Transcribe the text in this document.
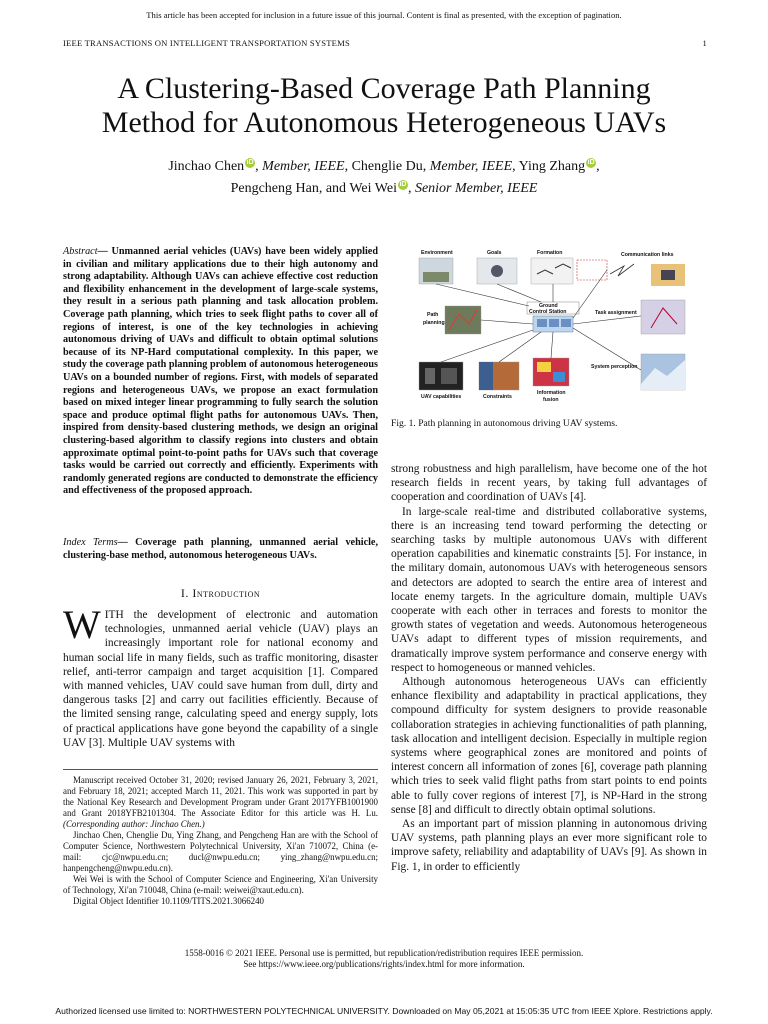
This article has been accepted for inclusion in a future issue of this journal. Content is final as presented, with the exception of pagination.
IEEE TRANSACTIONS ON INTELLIGENT TRANSPORTATION SYSTEMS	1
A Clustering-Based Coverage Path Planning
Method for Autonomous Heterogeneous UAVs
Jinchao Chen iD , Member, IEEE, Chenglie Du, Member, IEEE, Ying Zhang iD ,
Pengcheng Han, and Wei Wei iD , Senior Member, IEEE
Abstract— Unmanned aerial vehicles (UAVs) have been widely applied in civilian and military applications due to their high autonomy and strong adaptability. Although UAVs can achieve effective cost reduction and flexibility enhancement in the development of large-scale systems, they result in a serious path planning and task allocation problem. Coverage path planning, which tries to seek flight paths to cover all of regions of interest, is one of the key technologies in achieving autonomous driving of UAVs and difficult to obtain optimal solutions because of its NP-Hard computational complexity. In this paper, we study the coverage path planning problem of autonomous heterogeneous UAVs on a bounded number of regions. First, with models of separated regions and heterogeneous UAVs, we propose an exact formulation based on mixed integer linear programming to fully search the solution space and produce optimal flight paths for autonomous UAVs. Then, inspired from density-based clustering methods, we design an original clustering-based algorithm to classify regions into clusters and obtain approximate optimal point-to-point paths for UAVs such that coverage tasks would be carried out correctly and efficiently. Experiments with randomly generated regions are conducted to demonstrate the efficiency and effectiveness of the proposed approach.
Index Terms— Coverage path planning, unmanned aerial vehicle, clustering-base method, autonomous heterogeneous UAVs.
I. Introduction

WITH the development of electronic and automation technologies, unmanned aerial vehicle (UAV) plays an increasingly important role for national economy and human social life in many fields, such as traffic monitoring, disaster relief, anti-terror campaign and target acquisition [1]. Compared with manned vehicles, UAV could save human from dull, dirty and dangerous tasks [2] and carry out facilities efficiently. Because of the limited sensing range, calculating speed and energy supply, lots of practical applications have gone beyond the capability of a single UAV [3]. Multiple UAV systems with

Manuscript received October 31, 2020; revised January 26, 2021, February 3, 2021, and February 18, 2021; accepted March 11, 2021. This work was supported in part by the National Key Research and Development Program under Grant 2017YFB1001900 and Grant 2018YFB2101304. The Associate Editor for this article was H. Lu. (Corresponding author: Jinchao Chen.)

Jinchao Chen, Chenglie Du, Ying Zhang, and Pengcheng Han are with the School of Computer Science, Northwestern Polytechnical University, Xi'an 710072, China (e-mail: cjc@nwpu.edu.cn; ducl@nwpu.edu.cn; ying_zhang@nwpu.edu.cn; hanpengcheng@nwpu.edu.cn).

Wei Wei is with the School of Computer Science and Engineering, Xi'an University of Technology, Xi'an 710048, China (e-mail: weiwei@xaut.edu.cn).

Digital Object Identifier 10.1109/TITS.2021.3066240

Environment	Goals	Formation	Communication links
Ground
Control Station
Path
planning
Task assignment
System perception
UAV capabilities	Constraints
Information
fusion
Fig. 1. Path planning in autonomous driving UAV systems.

strong robustness and high parallelism, have become one of the hot research fields in recent years, by taking full advantages of cooperation and coordination of UAVs [4].

In large-scale real-time and distributed collaborative systems, there is an increasing tend toward performing the detecting or searching tasks by multiple autonomous UAVs with different operation capabilities and kinematic constraints [5]. For instance, in the military domain, autonomous UAVs with heterogeneous sensors and detectors are adopted to search the entire area of interest and locate enemy targets. In the agriculture domain, multiple UAVs cooperate with each other in terraces and forests to monitor the growth states of vegetation and weeds. Autonomous heterogeneous UAVs adapt to different types of mission requirements, and dramatically improve system performance and conserve energy with respect to homogeneous or manned vehicles.

Although autonomous heterogeneous UAVs can efficiently enhance flexibility and adaptability in practical applications, they compound difficulty for system designers to provide reasonable collaboration strategies in achieving functionalities of path planning, task allocation and intelligent decision. Especially in multiple region systems where geographical zones are monitored and points of interest concern all information of zones [6], coverage path planning which tries to seek valid flight paths from start points to end points able to fully cover regions of interest [7], is NP-Hard in the strong sense [8] and difficult to directly obtain optimal solutions.

As an important part of mission planning in autonomous driving UAV systems, path planning plays an ever more significant role to improve safety, reliability and adaptability of UAVs [9]. As shown in Fig. 1, in order to efficiently

1558-0016 © 2021 IEEE. Personal use is permitted, but republication/redistribution requires IEEE permission.
See https://www.ieee.org/publications/rights/index.html for more information.
Authorized licensed use limited to: NORTHWESTERN POLYTECHNICAL UNIVERSITY. Downloaded on May 05,2021 at 15:05:35 UTC from IEEE Xplore. Restrictions apply.
